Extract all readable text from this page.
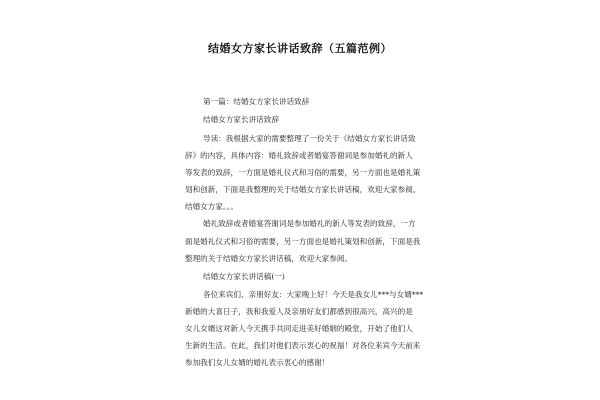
结婚女方家长讲话致辞（五篇范例）
第一篇：结婚女方家长讲话致辞
结婚女方家长讲话致辞
导读：我根据大家的需要整理了一份关于《结婚女方家长讲话致
辞》的内容，具体内容：婚礼致辞或者婚宴答谢词是参加婚礼的新人
等发表的致辞，一方面是婚礼仪式和习俗的需要，另一方面也是婚礼策
划和创新，下面是我整理的关于结婚女方家长讲话稿，欢迎大家参阅。
结婚女方家。。。
婚礼致辞或者婚宴答谢词是参加婚礼的新人等发表的致辞，一方
面是婚礼仪式和习俗的需要，另一方面也是婚礼策划和创新，下面是我
整理的关于结婚女方家长讲话稿，欢迎大家参阅。
结婚女方家长讲话稿(一)
各位来宾们、亲朋好友：大家晚上好！今天是我女儿***与女婿***
新婚的大喜日子，我和我爱人及亲朋好友们都感到很高兴，高兴的是
女儿女婿这对新人今天携手共同走进美好婚姻的殿堂，开始了他们人
生新的生活。在此，我们对他们表示衷心的祝福！对各位来宾今天前来
参加我们女儿女婿的婚礼表示衷心的感谢！
